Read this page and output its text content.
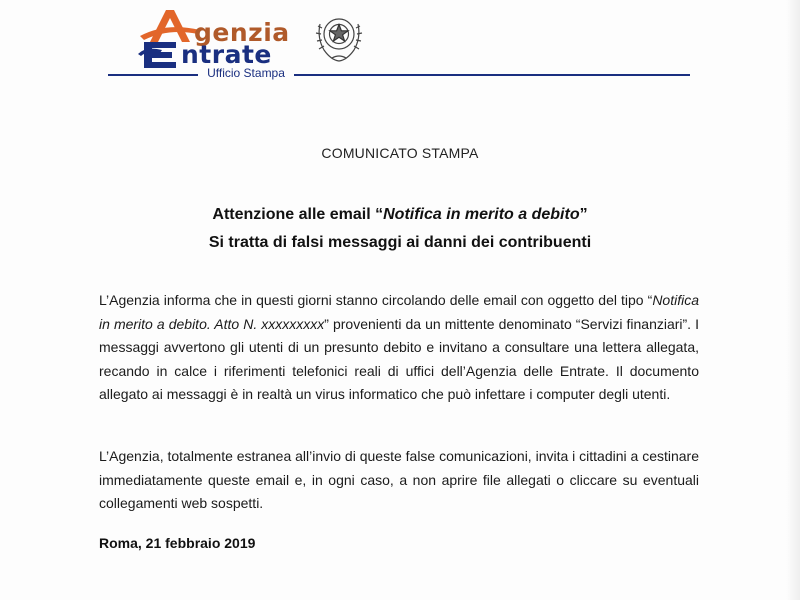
genzia
ntrate
Ufficio Stampa
COMUNICATO STAMPA
Attenzione alle email “Notifica in merito a debito”
Si tratta di falsi messaggi ai danni dei contribuenti

L’Agenzia informa che in questi giorni stanno circolando delle email con oggetto del tipo “Notifica in merito a debito. Atto N. xxxxxxxxx” provenienti da un mittente denominato “Servizi finanziari”. I messaggi avvertono gli utenti di un presunto debito e invitano a consultare una lettera allegata, recando in calce i riferimenti telefonici reali di uffici dell’Agenzia delle Entrate. Il documento allegato ai messaggi è in realtà un virus informatico che può infettare i computer degli utenti.

L’Agenzia, totalmente estranea all’invio di queste false comunicazioni, invita i cittadini a cestinare immediatamente queste email e, in ogni caso, a non aprire file allegati o cliccare su eventuali collegamenti web sospetti.

Roma, 21 febbraio 2019
